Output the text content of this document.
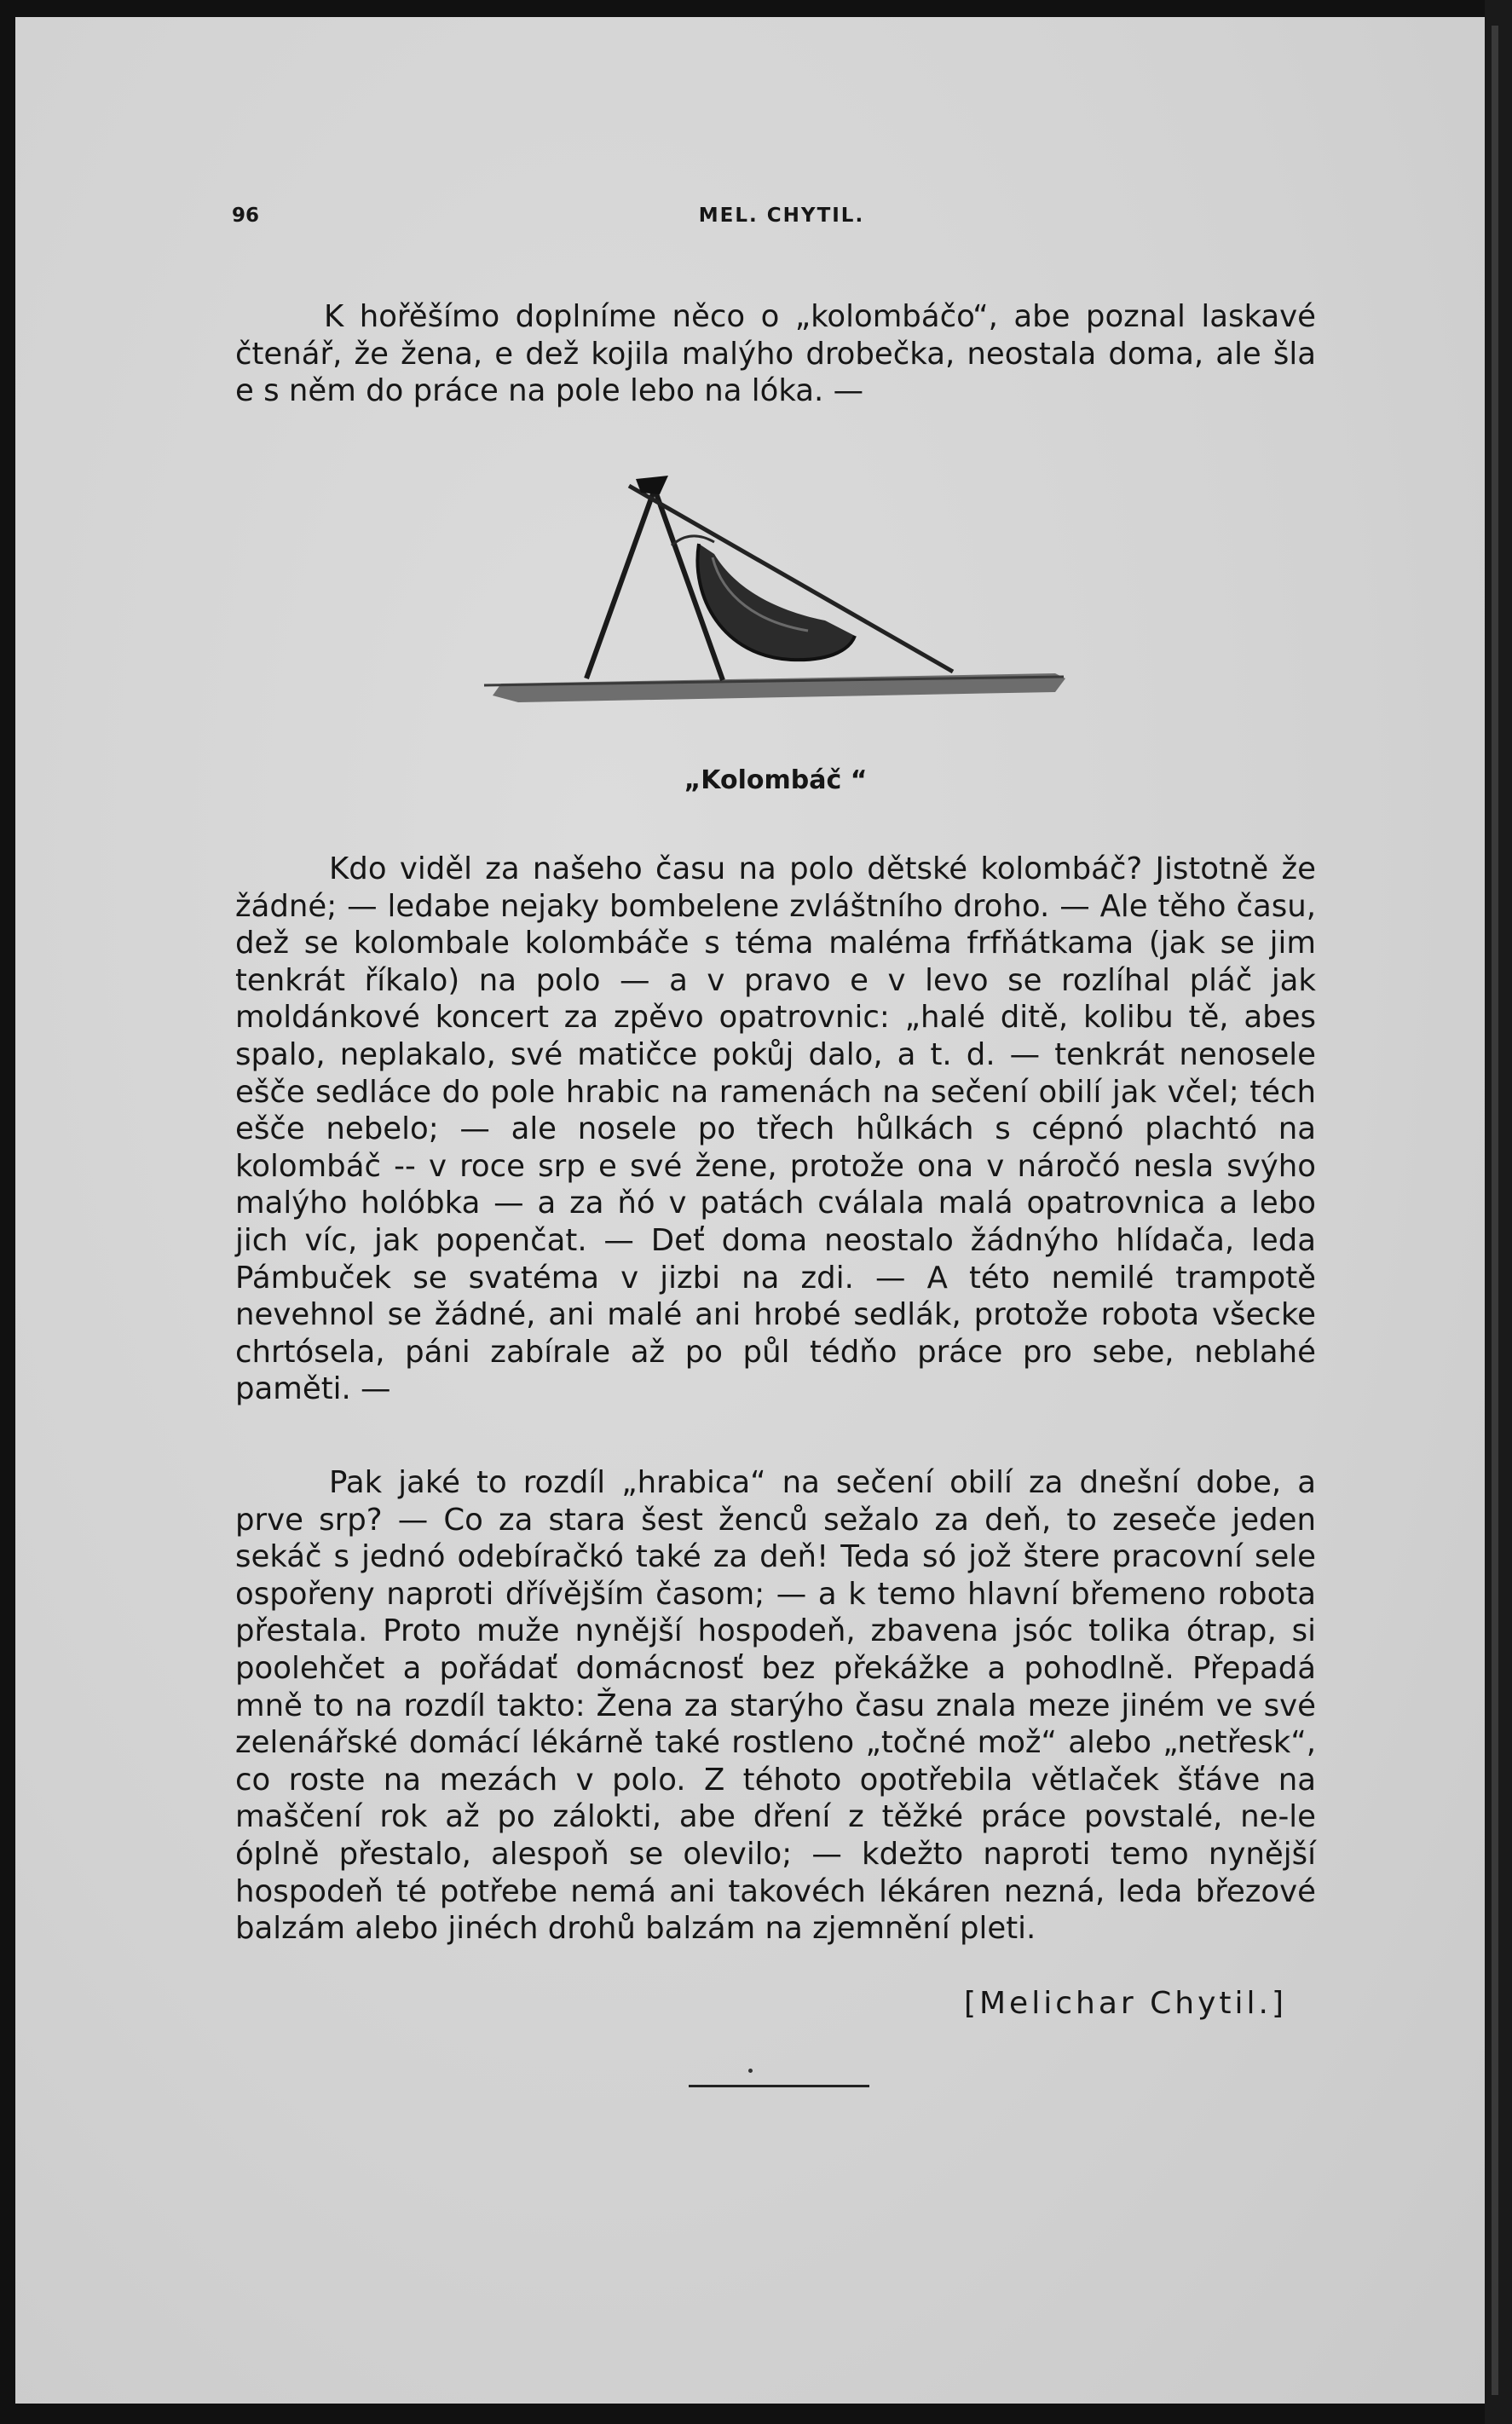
96	MEL. CHYTIL.

K hořěšímo doplníme něco o „kolombáčo“, abe poznal laskavé čtenář, že žena, e dež kojila malýho drobečka, neostala doma, ale šla e s něm do práce na pole lebo na lóka. —

„Kolombáč “

Kdo viděl za našeho času na polo dětské kolombáč? Jistotně že žádné; — ledabe nejaky bombelene zvláštního droho. — Ale těho času, dež se kolombale kolombáče s téma maléma frfňátkama (jak se jim tenkrát říkalo) na polo — a v pravo e v levo se rozlíhal pláč jak moldánkové koncert za zpěvo opatrovnic: „halé ditě, kolibu tě, abes spalo, neplakalo, své matičce pokůj dalo, a t. d. — tenkrát nenosele ešče sedláce do pole hrabic na ramenách na sečení obilí jak včel; téch ešče nebelo; — ale nosele po třech hůlkách s cépnó plachtó na kolombáč -- v roce srp e své žene, protože ona v náročó nesla svýho malýho holóbka — a za ňó v patách cválala malá opatrovnica a lebo jich víc, jak popenčat. — Deť doma neostalo žádnýho hlídača, leda Pámbuček se svatéma v jizbi na zdi. — A této nemilé trampotě nevehnol se žádné, ani malé ani hrobé sedlák, protože robota všecke chrtósela, páni zabírale až po půl tédňo práce pro sebe, neblahé paměti. —

Pak jaké to rozdíl „hrabica“ na sečení obilí za dnešní dobe, a prve srp? — Co za stara šest ženců sežalo za deň, to zeseče jeden sekáč s jednó odebíračkó také za deň! Teda só jož štere pracovní sele ospořeny naproti dřívějším časom; — a k temo hlavní břemeno robota přestala. Proto muže nynější hospodeň, zbavena jsóc tolika ótrap, si poolehčet a pořádať domácnosť bez překážke a pohodlně. Přepadá mně to na rozdíl takto: Žena za starýho času znala meze jiném ve své zelenářské domácí lékárně také rostleno „točné mož“ alebo „netřesk“, co roste na mezách v polo. Z téhoto opotřebila větlaček šťáve na maščení rok až po zálokti, abe dření z těžké práce povstalé, ne-le óplně přestalo, alespoň se olevilo; — kdežto naproti temo nynější hospodeň té potřebe nemá ani takovéch lékáren nezná, leda březové balzám alebo jinéch drohů balzám na zjemnění pleti.

[Melichar Chytil.]
